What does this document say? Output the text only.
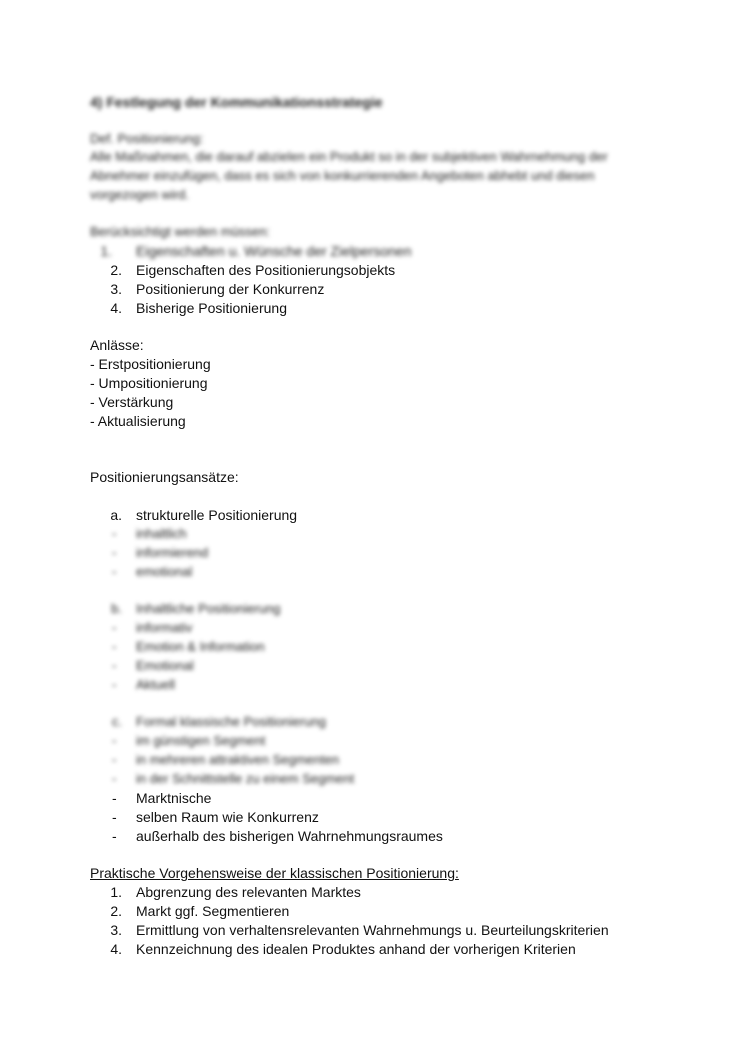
4) Festlegung der Kommunikationsstrategie
Def. Positionierung:
Alle Maßnahmen, die darauf abzielen ein Produkt so in der subjektiven Wahrnehmung der
Abnehmer einzufügen, dass es sich von konkurrierenden Angeboten abhebt und diesen
vorgezogen wird.
Berücksichtigt werden müssen:
1. Eigenschaften u. Wünsche der Zielpersonen
2. Eigenschaften des Positionierungsobjekts
3. Positionierung der Konkurrenz
4. Bisherige Positionierung
Anlässe:
- Erstpositionierung
- Umpositionierung
- Verstärkung
- Aktualisierung
Positionierungsansätze:
a. strukturelle Positionierung
- inhaltlich
- informierend
- emotional
b. Inhaltliche Positionierung
- informativ
- Emotion & Information
- Emotional
- Aktuell
c. Formal klassische Positionierung
- im günstigen Segment
- in mehreren attraktiven Segmenten
- in der Schnittstelle zu einem Segment
- Marktnische
- selben Raum wie Konkurrenz
- außerhalb des bisherigen Wahrnehmungsraumes
Praktische Vorgehensweise der klassischen Positionierung:
1. Abgrenzung des relevanten Marktes
2. Markt ggf. Segmentieren
3. Ermittlung von verhaltensrelevanten Wahrnehmungs u. Beurteilungskriterien
4. Kennzeichnung des idealen Produktes anhand der vorherigen Kriterien
